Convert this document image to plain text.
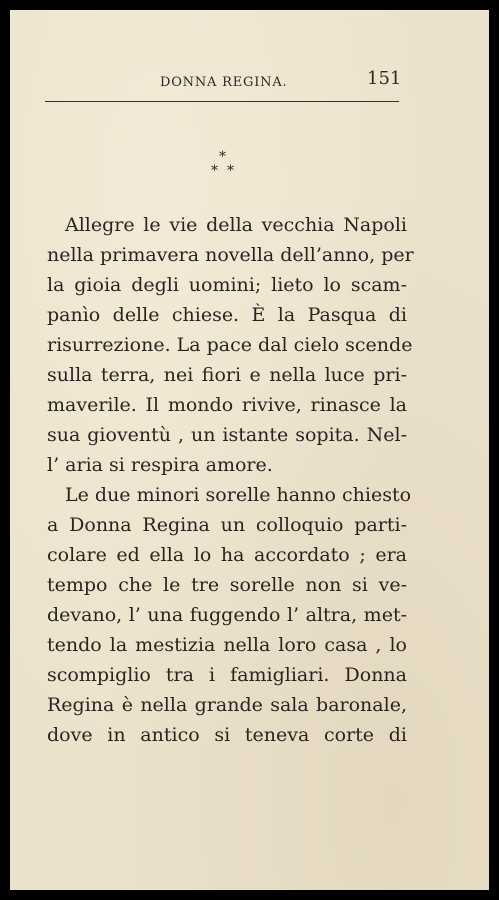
DONNA REGINA.	151
*
* *
Allegre le vie della vecchia Napoli
nella primavera novella dell’anno, per
la gioia degli uomini; lieto lo scam-
panìo delle chiese. È la Pasqua di
risurrezione. La pace dal cielo scende
sulla terra, nei fiori e nella luce pri-
maverile. Il mondo rivive, rinasce la
sua gioventù , un istante sopita. Nel-
l’ aria si respira amore.
Le due minori sorelle hanno chiesto
a Donna Regina un colloquio parti-
colare ed ella lo ha accordato ; era
tempo che le tre sorelle non si ve-
devano, l’ una fuggendo l’ altra, met-
tendo la mestizia nella loro casa , lo
scompiglio tra i famigliari. Donna
Regina è nella grande sala baronale,
dove in antico si teneva corte di
